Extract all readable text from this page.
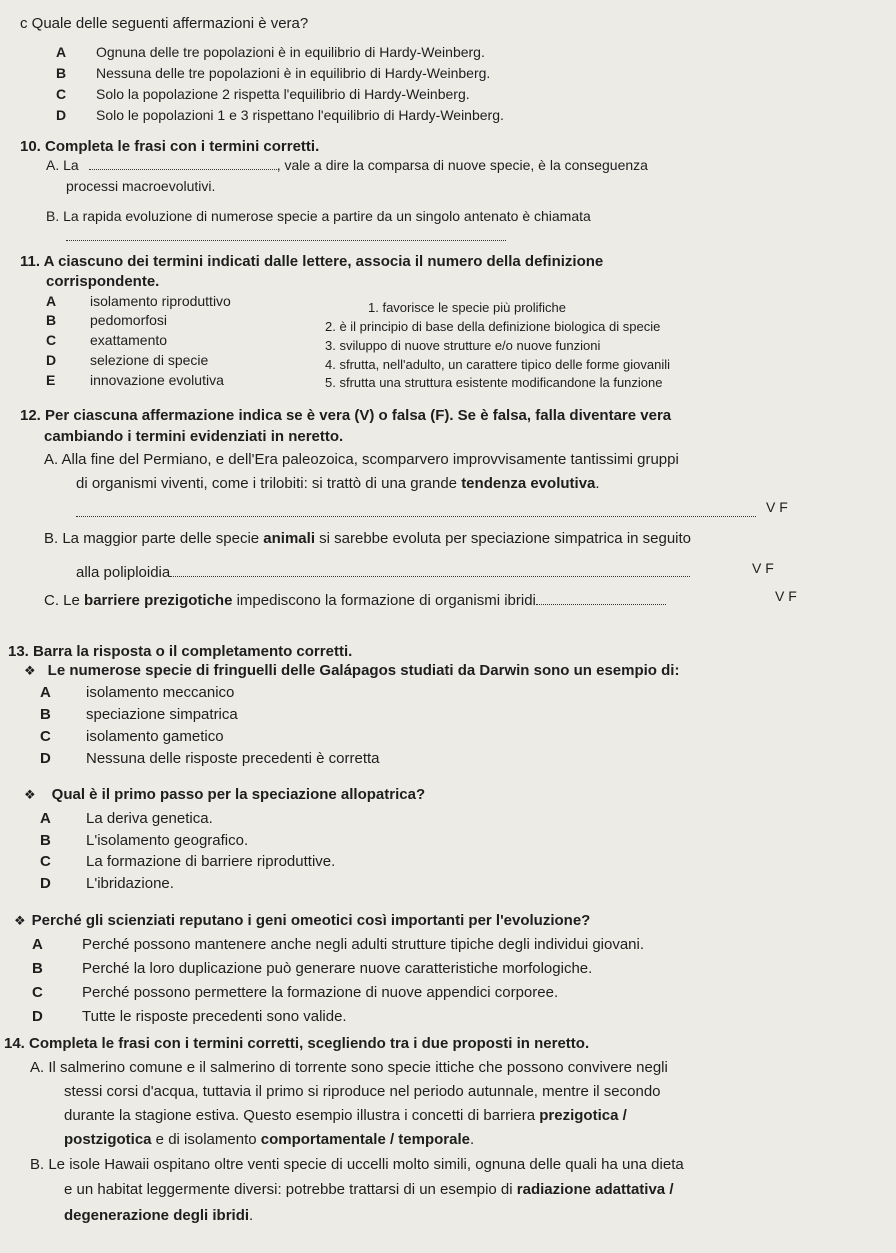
c Quale delle seguenti affermazioni è vera?
A Ognuna delle tre popolazioni è in equilibrio di Hardy-Weinberg.
B Nessuna delle tre popolazioni è in equilibrio di Hardy-Weinberg.
C Solo la popolazione 2 rispetta l'equilibrio di Hardy-Weinberg.
D Solo le popolazioni 1 e 3 rispettano l'equilibrio di Hardy-Weinberg.
10. Completa le frasi con i termini corretti.
A. La	, vale a dire la comparsa di nuove specie, è la conseguenza
processi macroevolutivi.
B. La rapida evoluzione di numerose specie a partire da un singolo antenato è chiamata
11. A ciascuno dei termini indicati dalle lettere, associa il numero della definizione
corrispondente.
A isolamento riproduttivo
B pedomorfosi
C exattamento
D selezione di specie
E innovazione evolutiva
1. favorisce le specie più prolifiche
2. è il principio di base della definizione biologica di specie
3. sviluppo di nuove strutture e/o nuove funzioni
4. sfrutta, nell'adulto, un carattere tipico delle forme giovanili
5. sfrutta una struttura esistente modificandone la funzione
12. Per ciascuna affermazione indica se è vera (V) o falsa (F). Se è falsa, falla diventare vera
cambiando i termini evidenziati in neretto.
A. Alla fine del Permiano, e dell'Era paleozoica, scomparvero improvvisamente tantissimi gruppi
di organismi viventi, come i trilobiti: si trattò di una grande tendenza evolutiva.
V F
B. La maggior parte delle specie animali si sarebbe evoluta per speciazione simpatrica in seguito
alla poliploidia	V F
C. Le barriere prezigotiche impediscono la formazione di organismi ibridi	V F
13. Barra la risposta o il completamento corretti.
❖ Le numerose specie di fringuelli delle Galápagos studiati da Darwin sono un esempio di:
A isolamento meccanico
B speciazione simpatrica
C isolamento gametico
D Nessuna delle risposte precedenti è corretta
❖ Qual è il primo passo per la speciazione allopatrica?
A La deriva genetica.
B L'isolamento geografico.
C La formazione di barriere riproduttive.
D L'ibridazione.
❖ Perché gli scienziati reputano i geni omeotici così importanti per l'evoluzione?
A	Perché possono mantenere anche negli adulti strutture tipiche degli individui giovani.
B	Perché la loro duplicazione può generare nuove caratteristiche morfologiche.
C	Perché possono permettere la formazione di nuove appendici corporee.
D	Tutte le risposte precedenti sono valide.
14. Completa le frasi con i termini corretti, scegliendo tra i due proposti in neretto.
A. Il salmerino comune e il salmerino di torrente sono specie ittiche che possono convivere negli
stessi corsi d'acqua, tuttavia il primo si riproduce nel periodo autunnale, mentre il secondo
durante la stagione estiva. Questo esempio illustra i concetti di barriera prezigotica /
postzigotica e di isolamento comportamentale / temporale.
B. Le isole Hawaii ospitano oltre venti specie di uccelli molto simili, ognuna delle quali ha una dieta
e un habitat leggermente diversi: potrebbe trattarsi di un esempio di radiazione adattativa /
degenerazione degli ibridi.
